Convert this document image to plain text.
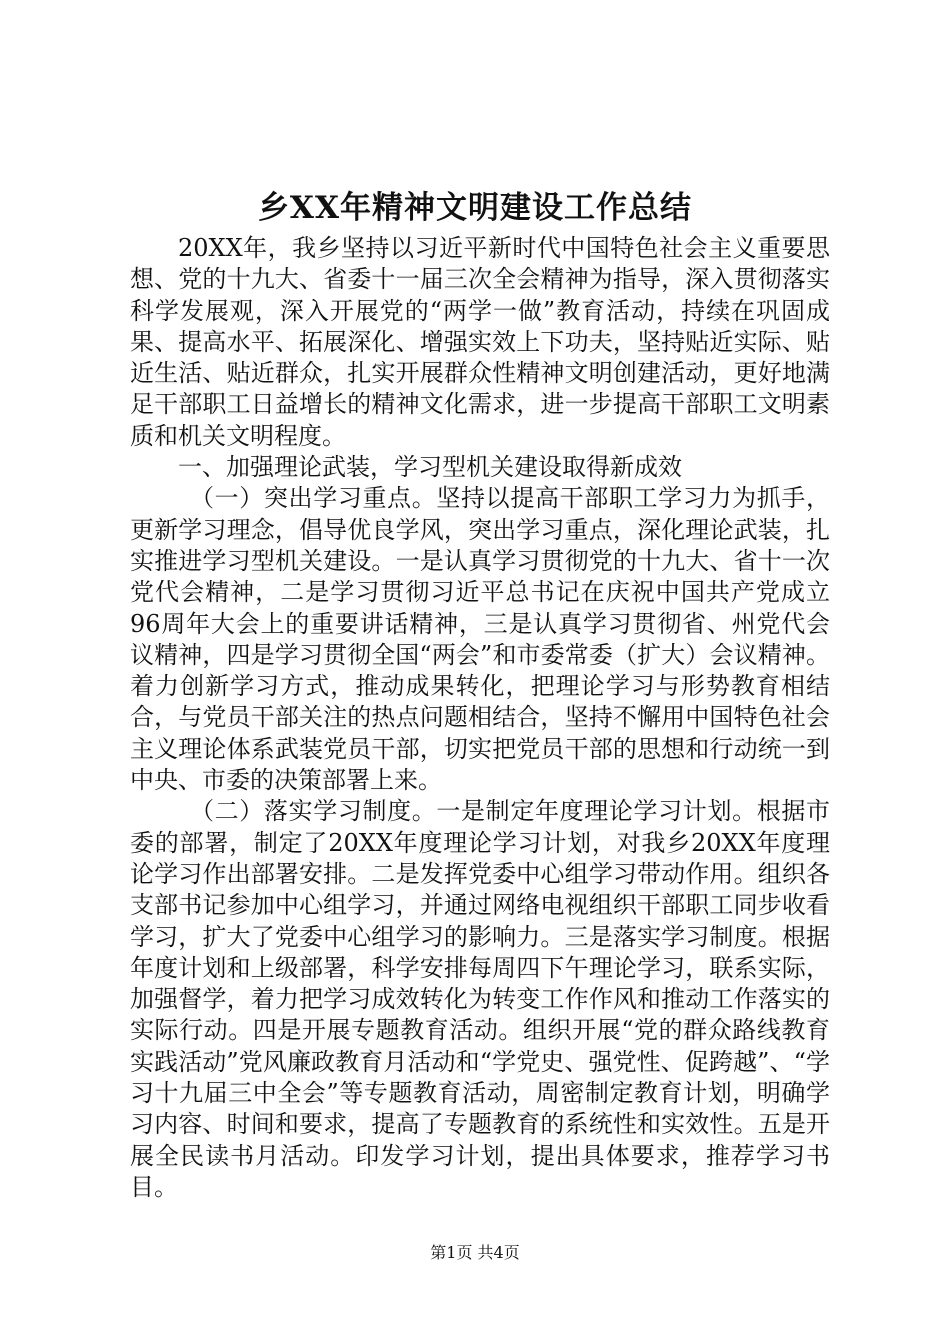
乡XX年精神文明建设工作总结

20XX年，我乡坚持以习近平新时代中国特色社会主义重要思想、党的十九大、省委十一届三次全会精神为指导，深入贯彻落实科学发展观，深入开展党的“两学一做”教育活动，持续在巩固成果、提高水平、拓展深化、增强实效上下功夫，坚持贴近实际、贴近生活、贴近群众，扎实开展群众性精神文明创建活动，更好地满足干部职工日益增长的精神文化需求，进一步提高干部职工文明素质和机关文明程度。

一、加强理论武装，学习型机关建设取得新成效

（一）突出学习重点。坚持以提高干部职工学习力为抓手，更新学习理念，倡导优良学风，突出学习重点，深化理论武装，扎实推进学习型机关建设。一是认真学习贯彻党的十九大、省十一次党代会精神，二是学习贯彻习近平总书记在庆祝中国共产党成立96周年大会上的重要讲话精神，三是认真学习贯彻省、州党代会议精神，四是学习贯彻全国“两会”和市委常委（扩大）会议精神。着力创新学习方式，推动成果转化，把理论学习与形势教育相结合，与党员干部关注的热点问题相结合，坚持不懈用中国特色社会主义理论体系武装党员干部，切实把党员干部的思想和行动统一到中央、市委的决策部署上来。

（二）落实学习制度。一是制定年度理论学习计划。根据市委的部署，制定了20XX年度理论学习计划，对我乡20XX年度理论学习作出部署安排。二是发挥党委中心组学习带动作用。组织各支部书记参加中心组学习，并通过网络电视组织干部职工同步收看学习，扩大了党委中心组学习的影响力。三是落实学习制度。根据年度计划和上级部署，科学安排每周四下午理论学习，联系实际，加强督学，着力把学习成效转化为转变工作作风和推动工作落实的实际行动。四是开展专题教育活动。组织开展“党的群众路线教育实践活动”党风廉政教育月活动和“学党史、强党性、促跨越”、“学习十九届三中全会”等专题教育活动，周密制定教育计划，明确学习内容、时间和要求，提高了专题教育的系统性和实效性。五是开展全民读书月活动。印发学习计划，提出具体要求，推荐学习书目。

第1页 共4页
